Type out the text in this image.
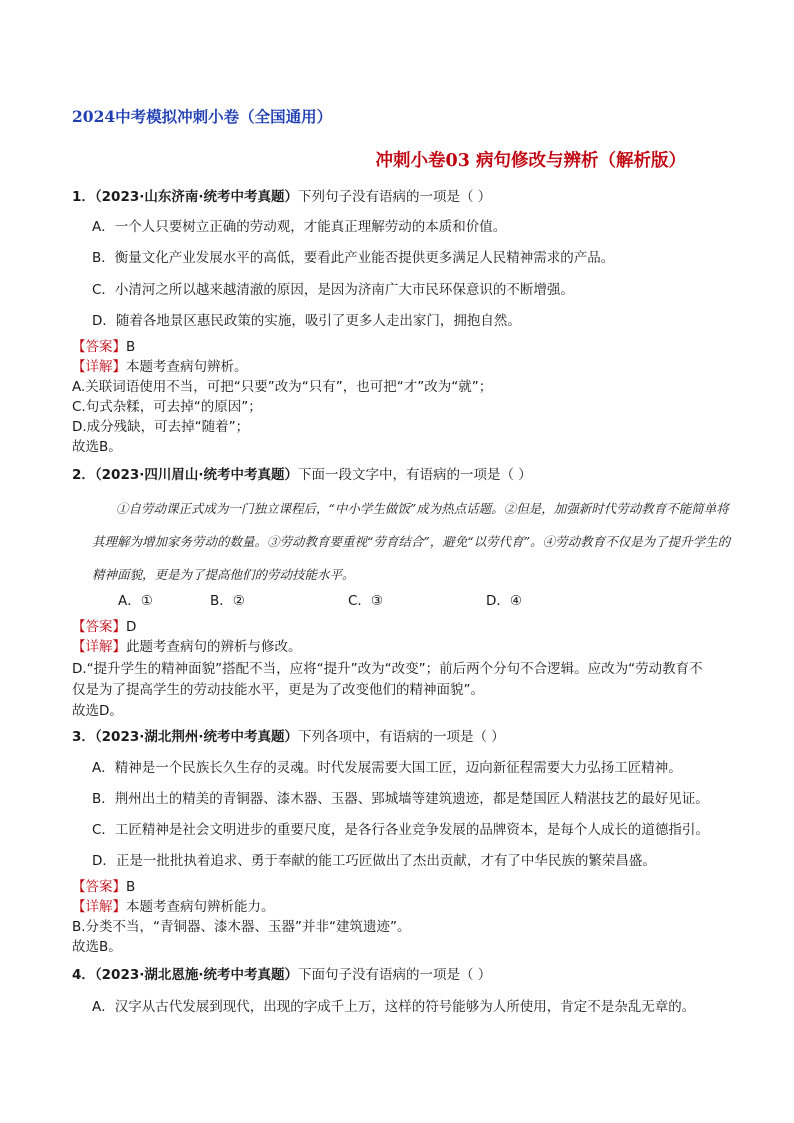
2024中考模拟冲刺小卷（全国通用）
冲刺小卷03 病句修改与辨析（解析版）
1．（2023·山东济南·统考中考真题）下列句子没有语病的一项是（ ）
A．一个人只要树立正确的劳动观，才能真正理解劳动的本质和价值。
B．衡量文化产业发展水平的高低，要看此产业能否提供更多满足人民精神需求的产品。
C．小清河之所以越来越清澈的原因，是因为济南广大市民环保意识的不断增强。
D．随着各地景区惠民政策的实施，吸引了更多人走出家门，拥抱自然。
【答案】B
【详解】本题考查病句辨析。
A.关联词语使用不当，可把“只要”改为“只有”，也可把“才”改为“就”；
C.句式杂糅，可去掉“的原因”；
D.成分残缺，可去掉“随着”；
故选B。
2．（2023·四川眉山·统考中考真题）下面一段文字中，有语病的一项是（ ）
①自劳动课正式成为一门独立课程后，“中小学生做饭”成为热点话题。②但是，加强新时代劳动教育不能简单将其理解为增加家务劳动的数量。③劳动教育要重视“劳育结合”，避免“以劳代育”。④劳动教育不仅是为了提升学生的精神面貌，更是为了提高他们的劳动技能水平。
A．①	B．②	C．③	D．④
【答案】D
【详解】此题考查病句的辨析与修改。
D.“提升学生的精神面貌”搭配不当，应将“提升”改为“改变”；前后两个分句不合逻辑。应改为“劳动教育不
仅是为了提高学生的劳动技能水平，更是为了改变他们的精神面貌”。
故选D。
3．（2023·湖北荆州·统考中考真题）下列各项中，有语病的一项是（ ）
A．精神是一个民族长久生存的灵魂。时代发展需要大国工匠，迈向新征程需要大力弘扬工匠精神。
B．荆州出土的精美的青铜器、漆木器、玉器、郢城墙等建筑遗迹，都是楚国匠人精湛技艺的最好见证。
C．工匠精神是社会文明进步的重要尺度，是各行各业竞争发展的品牌资本，是每个人成长的道德指引。
D．正是一批批执着追求、勇于奉献的能工巧匠做出了杰出贡献，才有了中华民族的繁荣昌盛。
【答案】B
【详解】本题考查病句辨析能力。
B.分类不当，“青铜器、漆木器、玉器”并非“建筑遗迹”。
故选B。
4．（2023·湖北恩施·统考中考真题）下面句子没有语病的一项是（ ）
A．汉字从古代发展到现代，出现的字成千上万，这样的符号能够为人所使用，肯定不是杂乱无章的。
